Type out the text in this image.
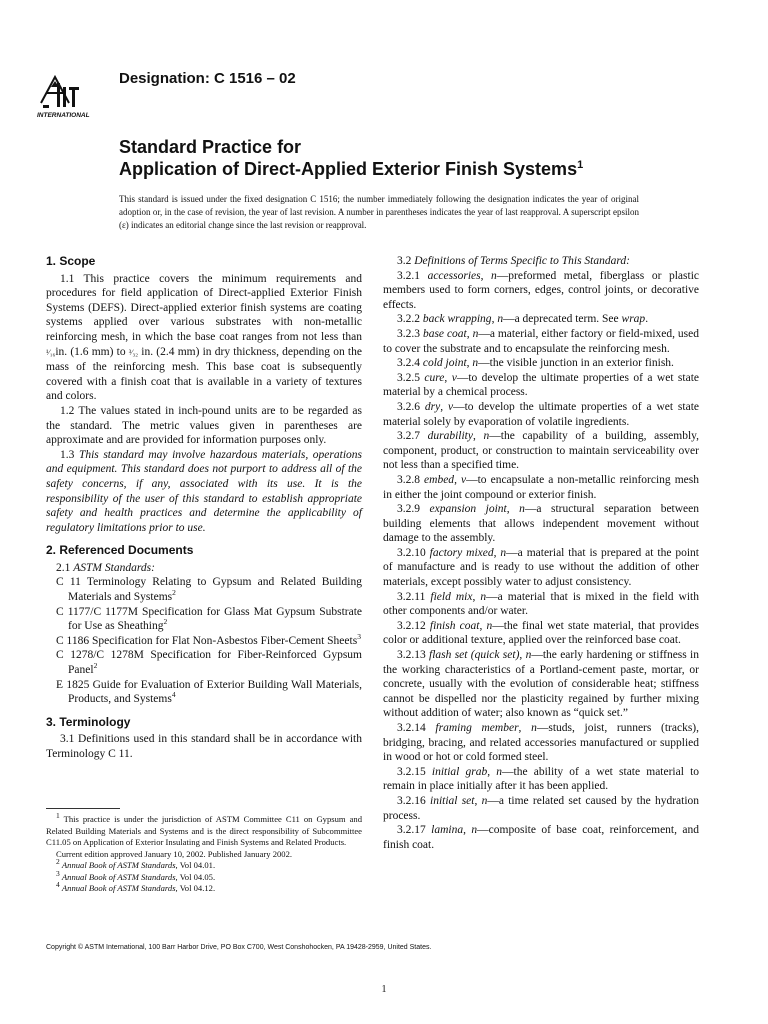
INTERNATIONAL
Designation: C 1516 – 02
Standard Practice for
Application of Direct-Applied Exterior Finish Systems$^1$
This standard is issued under the fixed designation C 1516; the number immediately following the designation indicates the year of original adoption or, in the case of revision, the year of last revision. A number in parentheses indicates the year of last reapproval. A superscript epsilon (ε) indicates an editorial change since the last revision or reapproval.
1. Scope

1.1 This practice covers the minimum requirements and procedures for field application of Direct-applied Exterior Finish Systems (DEFS). Direct-applied exterior finish systems are coating systems applied over various substrates with non-metallic reinforcing mesh, in which the base coat ranges from not less than ¹⁄₁₆in. (1.6 mm) to ³⁄₃₂ in. (2.4 mm) in dry thickness, depending on the mass of the reinforcing mesh. This base coat is subsequently covered with a finish coat that is available in a variety of textures and colors.

1.2 The values stated in inch-pound units are to be regarded as the standard. The metric values given in parentheses are approximate and are provided for information purposes only.

1.3 This standard may involve hazardous materials, operations and equipment. This standard does not purport to address all of the safety concerns, if any, associated with its use. It is the responsibility of the user of this standard to establish appropriate safety and health practices and determine the applicability of regulatory limitations prior to use.

2. Referenced Documents

2.1 ASTM Standards:

C 11 Terminology Relating to Gypsum and Related Building Materials and Systems$^2$

C 1177/C 1177M Specification for Glass Mat Gypsum Substrate for Use as Sheathing$^2$

C 1186 Specification for Flat Non-Asbestos Fiber-Cement Sheets$^3$

C 1278/C 1278M Specification for Fiber-Reinforced Gypsum Panel$^2$

E 1825 Guide for Evaluation of Exterior Building Wall Materials, Products, and Systems$^4$

3. Terminology

3.1 Definitions used in this standard shall be in accordance with Terminology C 11.

3.2 Definitions of Terms Specific to This Standard:

3.2.1 accessories, n—preformed metal, fiberglass or plastic members used to form corners, edges, control joints, or decorative effects.

3.2.2 back wrapping, n—a deprecated term. See wrap.

3.2.3 base coat, n—a material, either factory or field-mixed, used to cover the substrate and to encapsulate the reinforcing mesh.

3.2.4 cold joint, n—the visible junction in an exterior finish.

3.2.5 cure, v—to develop the ultimate properties of a wet state material by a chemical process.

3.2.6 dry, v—to develop the ultimate properties of a wet state material solely by evaporation of volatile ingredients.

3.2.7 durability, n—the capability of a building, assembly, component, product, or construction to maintain serviceability over not less than a specified time.

3.2.8 embed, v—to encapsulate a non-metallic reinforcing mesh in either the joint compound or exterior finish.

3.2.9 expansion joint, n—a structural separation between building elements that allows independent movement without damage to the assembly.

3.2.10 factory mixed, n—a material that is prepared at the point of manufacture and is ready to use without the addition of other materials, except possibly water to adjust consistency.

3.2.11 field mix, n—a material that is mixed in the field with other components and/or water.

3.2.12 finish coat, n—the final wet state material, that provides color or additional texture, applied over the reinforced base coat.

3.2.13 flash set (quick set), n—the early hardening or stiffness in the working characteristics of a Portland-cement paste, mortar, or concrete, usually with the evolution of considerable heat; stiffness cannot be dispelled nor the plasticity regained by further mixing without addition of water; also known as “quick set.”

3.2.14 framing member, n—studs, joist, runners (tracks), bridging, bracing, and related accessories manufactured or supplied in wood or hot or cold formed steel.

3.2.15 initial grab, n—the ability of a wet state material to remain in place initially after it has been applied.

3.2.16 initial set, n—a time related set caused by the hydration process.

3.2.17 lamina, n—composite of base coat, reinforcement, and finish coat.

$^1$ This practice is under the jurisdiction of ASTM Committee C11 on Gypsum and Related Building Materials and Systems and is the direct responsibility of Subcommittee C11.05 on Application of Exterior Insulating and Finish Systems and Related Products.

Current edition approved January 10, 2002. Published January 2002.

$^2$ Annual Book of ASTM Standards, Vol 04.01.

$^3$ Annual Book of ASTM Standards, Vol 04.05.

$^4$ Annual Book of ASTM Standards, Vol 04.12.

Copyright © ASTM International, 100 Barr Harbor Drive, PO Box C700, West Conshohocken, PA 19428-2959, United States.
1
